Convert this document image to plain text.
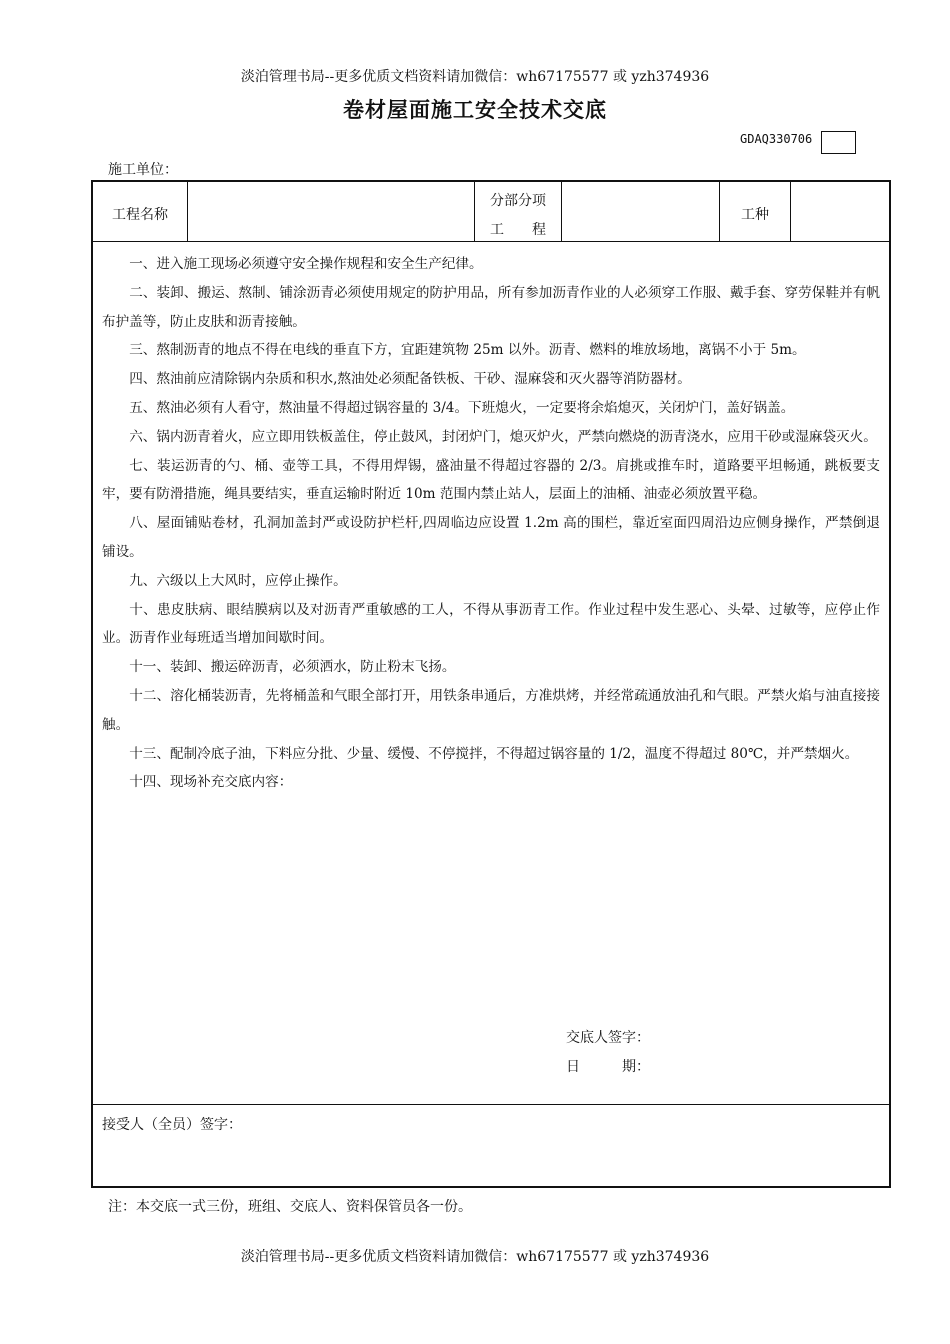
淡泊管理书局--更多优质文档资料请加微信：wh67175577 或 yzh374936
卷材屋面施工安全技术交底
GDAQ330706
施工单位：
工程名称
分部分项
工　　程
工种

一、进入施工现场必须遵守安全操作规程和安全生产纪律。

二、装卸、搬运、熬制、铺涂沥青必须使用规定的防护用品，所有参加沥青作业的人必须穿工作服、戴手套、穿劳保鞋并有帆布护盖等，防止皮肤和沥青接触。

三、熬制沥青的地点不得在电线的垂直下方，宜距建筑物 25m 以外。沥青、燃料的堆放场地，离锅不小于 5m。

四、熬油前应清除锅内杂质和积水,熬油处必须配备铁板、干砂、湿麻袋和灭火器等消防器材。

五、熬油必须有人看守，熬油量不得超过锅容量的 3/4。下班熄火，一定要将余焰熄灭，关闭炉门，盖好锅盖。

六、锅内沥青着火，应立即用铁板盖住，停止鼓风，封闭炉门，熄灭炉火，严禁向燃烧的沥青浇水，应用干砂或湿麻袋灭火。

七、装运沥青的勺、桶、壶等工具，不得用焊锡，盛油量不得超过容器的 2/3。肩挑或推车时，道路要平坦畅通，跳板要支牢，要有防滑措施，绳具要结实，垂直运输时附近 10m 范围内禁止站人，层面上的油桶、油壶必须放置平稳。

八、屋面铺贴卷材，孔洞加盖封严或设防护栏杆,四周临边应设置 1.2m 高的围栏，靠近室面四周沿边应侧身操作，严禁倒退铺设。

九、六级以上大风时，应停止操作。

十、患皮肤病、眼结膜病以及对沥青严重敏感的工人，不得从事沥青工作。作业过程中发生恶心、头晕、过敏等，应停止作业。沥青作业每班适当增加间歇时间。

十一、装卸、搬运碎沥青，必须洒水，防止粉末飞扬。

十二、溶化桶装沥青，先将桶盖和气眼全部打开，用铁条串通后，方准烘烤，并经常疏通放油孔和气眼。严禁火焰与油直接接触。

十三、配制冷底子油，下料应分批、少量、缓慢、不停搅拌，不得超过锅容量的 1/2，温度不得超过 80℃，并严禁烟火。

十四、现场补充交底内容：

交底人签字：
日　　　期：
接受人（全员）签字：
注：本交底一式三份，班组、交底人、资料保管员各一份。
淡泊管理书局--更多优质文档资料请加微信：wh67175577 或 yzh374936
